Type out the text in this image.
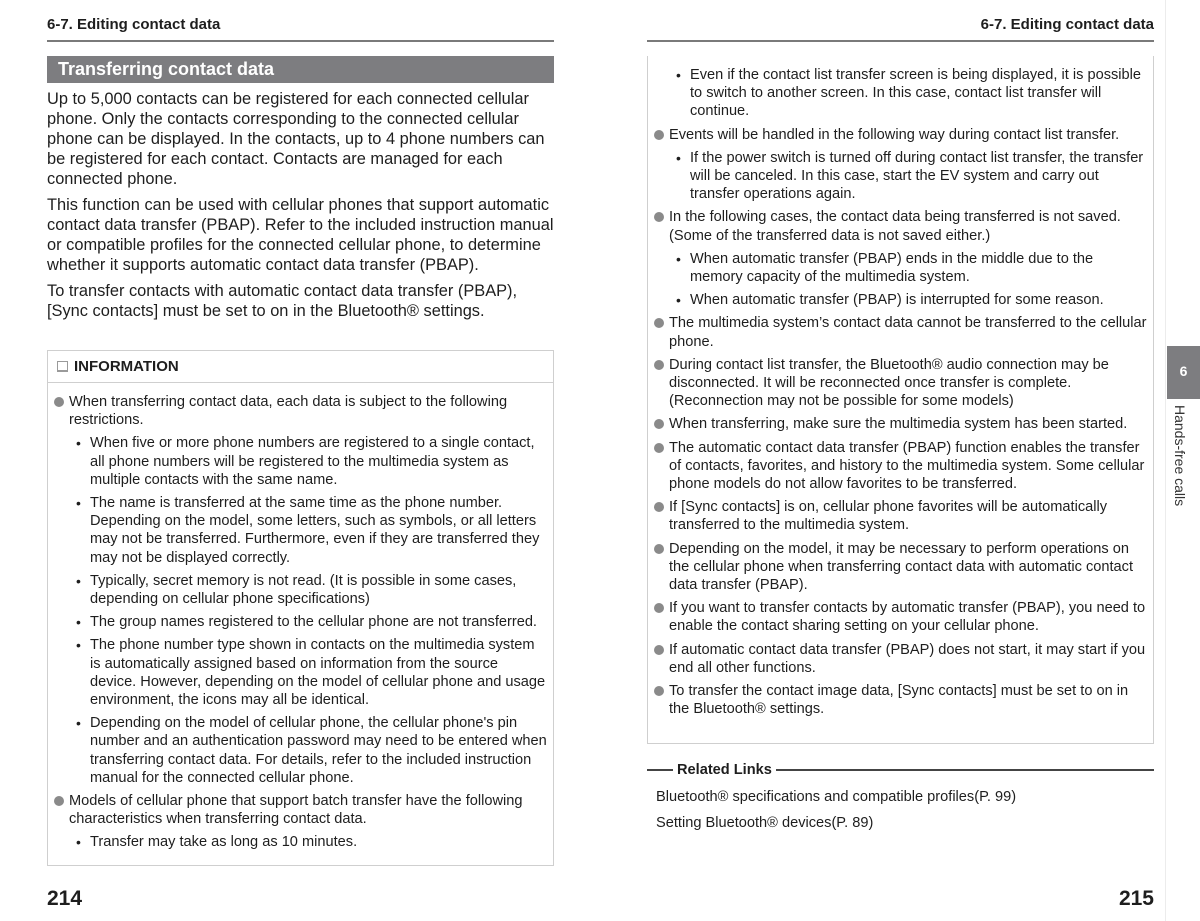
6-7. Editing contact data
Transferring contact data

Up to 5,000 contacts can be registered for each connected cellular phone. Only the contacts corresponding to the connected cellular phone can be displayed. In the contacts, up to 4 phone numbers can be registered for each contact. Contacts are managed for each connected phone.

This function can be used with cellular phones that support automatic contact data transfer (PBAP). Refer to the included instruction manual or compatible profiles for the connected cellular phone, to determine whether it supports automatic contact data transfer (PBAP).

To transfer contacts with automatic contact data transfer (PBAP), [Sync contacts] must be set to on in the Bluetooth® settings.

INFORMATION
When transferring contact data, each data is subject to the following restrictions.
• When five or more phone numbers are registered to a single contact, all phone numbers will be registered to the multimedia system as multiple contacts with the same name.
• The name is transferred at the same time as the phone number. Depending on the model, some letters, such as symbols, or all letters may not be transferred. Furthermore, even if they are transferred they may not be displayed correctly.
• Typically, secret memory is not read. (It is possible in some cases, depending on cellular phone specifications)
• The group names registered to the cellular phone are not transferred.
• The phone number type shown in contacts on the multimedia system is automatically assigned based on information from the source device. However, depending on the model of cellular phone and usage environment, the icons may all be identical.
• Depending on the model of cellular phone, the cellular phone's pin number and an authentication password may need to be entered when transferring contact data. For details, refer to the included instruction manual for the connected cellular phone.
Models of cellular phone that support batch transfer have the following characteristics when transferring contact data.
• Transfer may take as long as 10 minutes.
214
6-7. Editing contact data
• Even if the contact list transfer screen is being displayed, it is possible to switch to another screen. In this case, contact list transfer will continue.
Events will be handled in the following way during contact list transfer.
• If the power switch is turned off during contact list transfer, the transfer will be canceled. In this case, start the EV system and carry out transfer operations again.
In the following cases, the contact data being transferred is not saved. (Some of the transferred data is not saved either.)
• When automatic transfer (PBAP) ends in the middle due to the memory capacity of the multimedia system.
• When automatic transfer (PBAP) is interrupted for some reason.
The multimedia system’s contact data cannot be transferred to the cellular phone.
During contact list transfer, the Bluetooth® audio connection may be disconnected. It will be reconnected once transfer is complete. (Reconnection may not be possible for some models)
When transferring, make sure the multimedia system has been started.
The automatic contact data transfer (PBAP) function enables the transfer of contacts, favorites, and history to the multimedia system. Some cellular phone models do not allow favorites to be transferred.
If [Sync contacts] is on, cellular phone favorites will be automatically transferred to the multimedia system.
Depending on the model, it may be necessary to perform operations on the cellular phone when transferring contact data with automatic contact data transfer (PBAP).
If you want to transfer contacts by automatic transfer (PBAP), you need to enable the contact sharing setting on your cellular phone.
If automatic contact data transfer (PBAP) does not start, it may start if you end all other functions.
To transfer the contact image data, [Sync contacts] must be set to on in the Bluetooth® settings.
Related Links
Bluetooth® specifications and compatible profiles(P. 99)
Setting Bluetooth® devices(P. 89)
215
6
Hands-free calls
